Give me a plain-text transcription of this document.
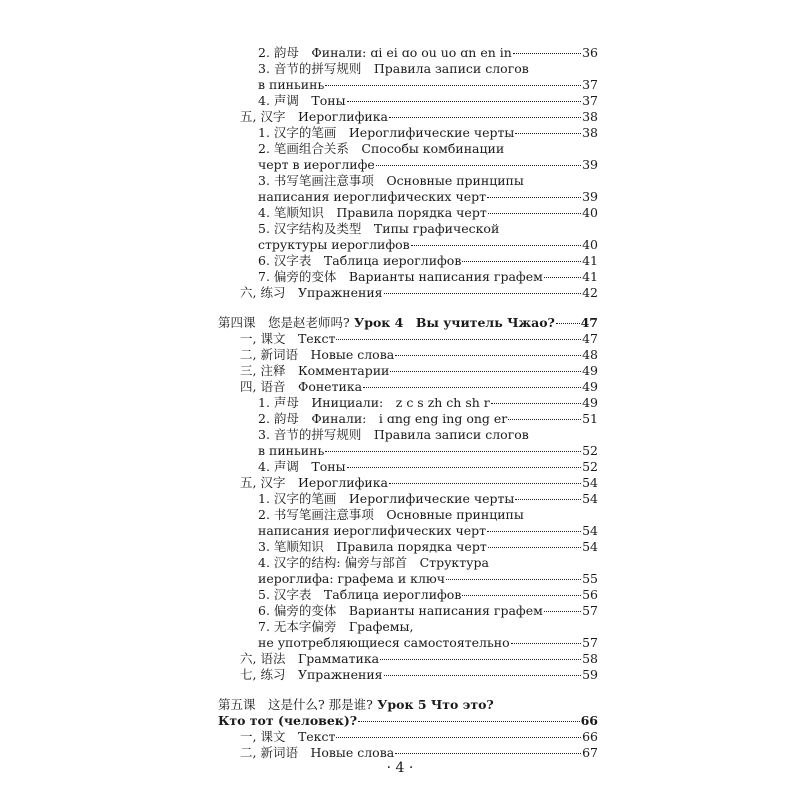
2. 韵母　Финали: ɑi ei ɑo ou uo ɑn en in	36
3. 音节的拼写规则　Правила записи слогов
в пиньинь	37
4. 声调　Тоны	37
五, 汉字　Иероглифика	38
1. 汉字的笔画　Иероглифические черты	38
2. 笔画组合关系　Способы комбинации
черт в иероглифе	39
3. 书写笔画注意事项　Основные принципы
написания иероглифических черт	39
4. 笔顺知识　Правила порядка черт	40
5. 汉字结构及类型　Типы графической
структуры иероглифов	40
6. 汉字表　Таблица иероглифов	41
7. 偏旁的变体　Варианты написания графем	41
六, 练习　Упражнения	42
第四课　您是赵老师吗? Урок 4　Вы учитель Чжао? 47
一, 课文　Текст	47
二, 新词语　Новые слова	48
三, 注释　Комментарии	49
四, 语音　Фонетика	49
1. 声母　Инициали:　z c s zh ch sh r	49
2. 韵母　Финали:　i ɑng eng ing ong er	51
3. 音节的拼写规则　Правила записи слогов
в пиньинь	52
4. 声调　Тоны	52
五, 汉字　Иероглифика	54
1. 汉字的笔画　Иероглифические черты	54
2. 书写笔画注意事项　Основные принципы
написания иероглифических черт	54
3. 笔顺知识　Правила порядка черт	54
4. 汉字的结构: 偏旁与部首　Структура
иероглифа: графема и ключ	55
5. 汉字表　Таблица иероглифов	56
6. 偏旁的变体　Варианты написания графем	57
7. 无本字偏旁　Графемы,
не употребляющиеся самостоятельно	57
六, 语法　Грамматика	58
七, 练习　Упражнения	59
第五课　这是什么? 那是谁? Урок 5 Что это?
Кто тот (человек)?	66
一, 课文　Текст	66
二, 新词语　Новые слова	67
· 4 ·
